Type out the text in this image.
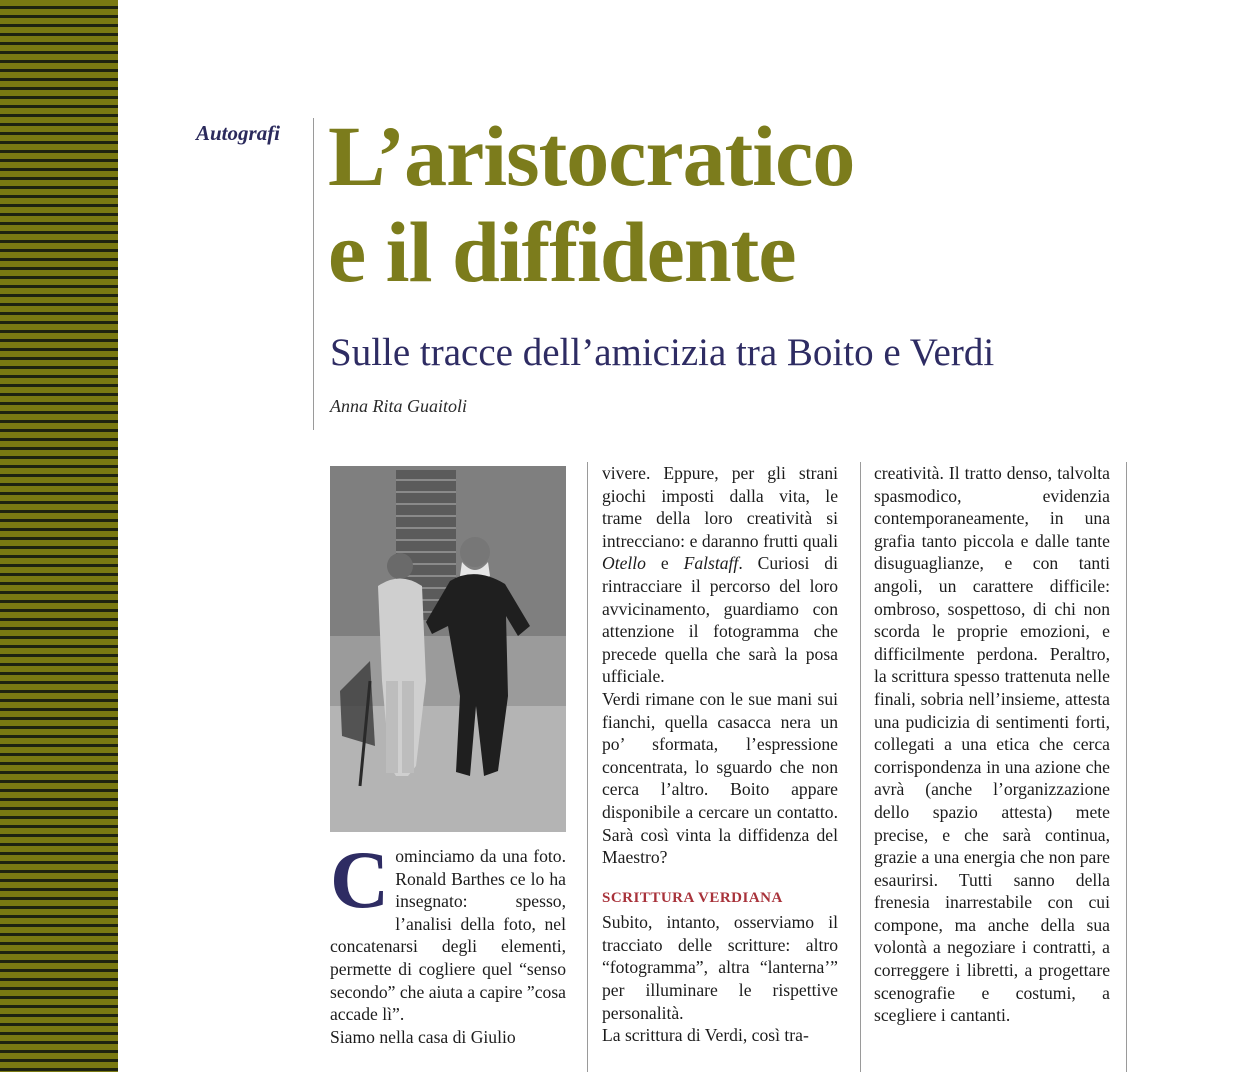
Autografi L’aristocratico
e il diffidente
Sulle tracce dell’amicizia tra Boito e Verdi
Anna Rita Guaitoli

Cominciamo da una foto. Ronald Barthes ce lo ha insegnato: spesso, l’analisi della foto, nel concatenarsi degli elementi, permette di cogliere quel “senso secondo” che aiuta a capire ”cosa accade lì”.

Siamo nella casa di Giulio

vivere. Eppure, per gli strani giochi imposti dalla vita, le trame della loro creatività si intrecciano: e daranno frutti quali Otello e Falstaff. Curiosi di rintracciare il percorso del loro avvicinamento, guardiamo con attenzione il fotogramma che precede quella che sarà la posa ufficiale.

Verdi rimane con le sue mani sui fianchi, quella casacca nera un po’ sformata, l’espressione concentrata, lo sguardo che non cerca l’altro. Boito appare disponibile a cercare un contatto. Sarà così vinta la diffidenza del Maestro?

SCRITTURA VERDIANA

Subito, intanto, osserviamo il tracciato delle scritture: altro “fotogramma”, altra “lanterna’” per illuminare le rispettive personalità.

La scrittura di Verdi, così tra-

creatività. Il tratto denso, talvolta spasmodico, evidenzia contemporaneamente, in una grafia tanto piccola e dalle tante disuguaglianze, e con tanti angoli, un carattere difficile: ombroso, sospettoso, di chi non scorda le proprie emozioni, e difficilmente perdona. Peraltro, la scrittura spesso trattenuta nelle finali, sobria nell’insieme, attesta una pudicizia di sentimenti forti, collegati a una etica che cerca corrispondenza in una azione che avrà (anche l’organizzazione dello spazio attesta) mete precise, e che sarà continua, grazie a una energia che non pare esaurirsi. Tutti sanno della frenesia inarrestabile con cui compone, ma anche della sua volontà a negoziare i contratti, a correggere i libretti, a progettare scenografie e costumi, a scegliere i cantanti.
